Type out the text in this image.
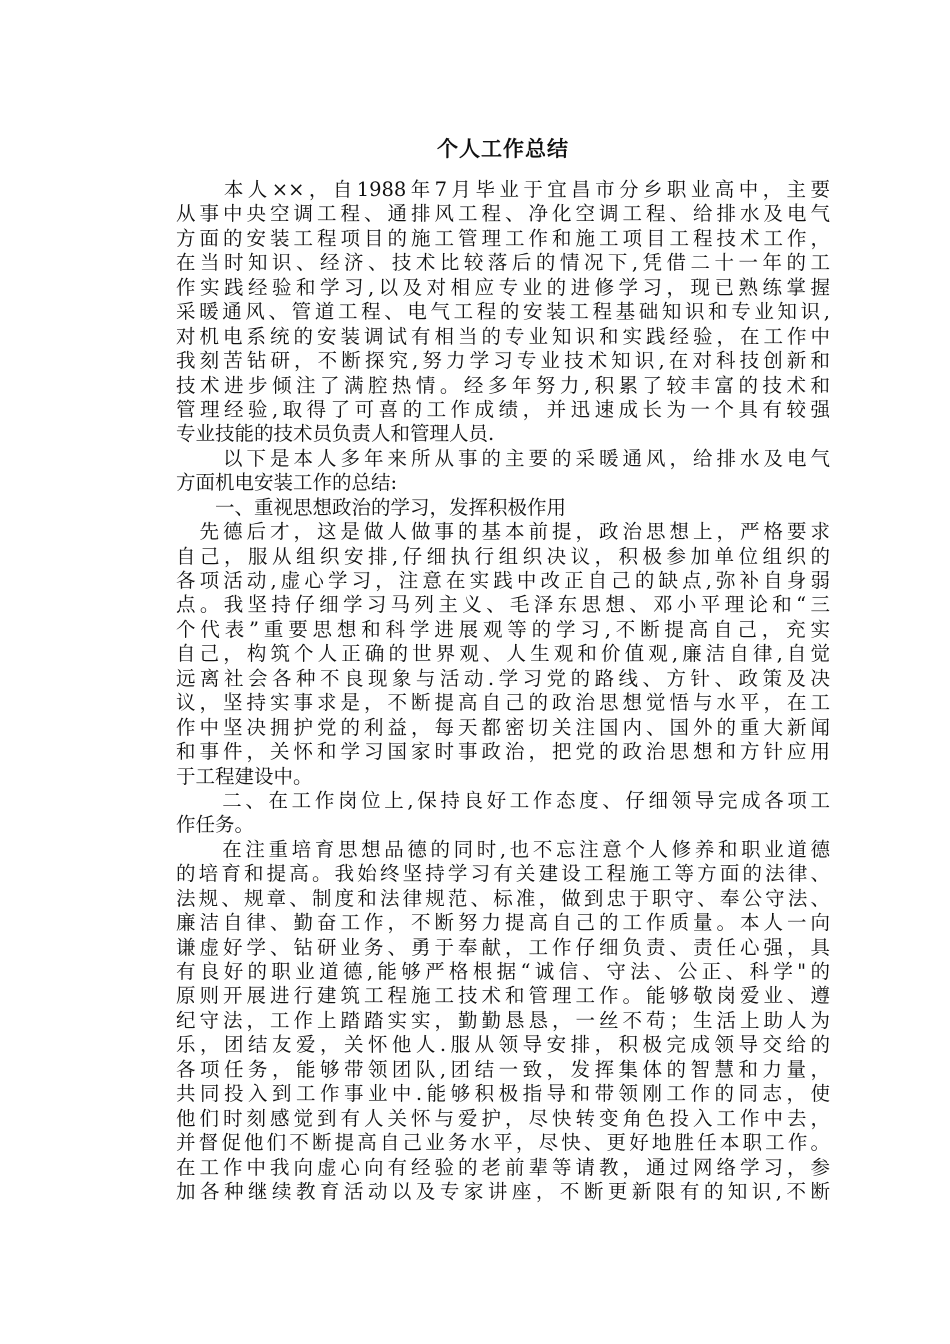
个人工作总结
　　本人××，自1988年7月毕业于宜昌市分乡职业高中，主要
从事中央空调工程、通排风工程、净化空调工程、给排水及电气
方面的安装工程项目的施工管理工作和施工项目工程技术工作，
在当时知识、经济、技术比较落后的情况下,凭借二十一年的工
作实践经验和学习,以及对相应专业的进修学习，现已熟练掌握
采暖通风、管道工程、电气工程的安装工程基础知识和专业知识,
对机电系统的安装调试有相当的专业知识和实践经验，在工作中
我刻苦钻研，不断探究,努力学习专业技术知识,在对科技创新和
技术进步倾注了满腔热情。经多年努力,积累了较丰富的技术和
管理经验,取得了可喜的工作成绩，并迅速成长为一个具有较强
专业技能的技术员负责人和管理人员.
　　以下是本人多年来所从事的主要的采暖通风，给排水及电气
方面机电安装工作的总结:
　　一、重视思想政治的学习，发挥积极作用
　先德后才，这是做人做事的基本前提，政治思想上，严格要求
自己，服从组织安排,仔细执行组织决议，积极参加单位组织的
各项活动,虚心学习，注意在实践中改正自己的缺点,弥补自身弱
点。我坚持仔细学习马列主义、毛泽东思想、邓小平理论和“三
个代表”重要思想和科学进展观等的学习,不断提高自己，充实
自己，构筑个人正确的世界观、人生观和价值观,廉洁自律,自觉
远离社会各种不良现象与活动.学习党的路线、方针、政策及决
议，坚持实事求是，不断提高自己的政治思想觉悟与水平，在工
作中坚决拥护党的利益，每天都密切关注国内、国外的重大新闻
和事件，关怀和学习国家时事政治，把党的政治思想和方针应用
于工程建设中。
　　二、在工作岗位上,保持良好工作态度、仔细领导完成各项工
作任务。
　　在注重培育思想品德的同时,也不忘注意个人修养和职业道德
的培育和提高。我始终坚持学习有关建设工程施工等方面的法律、
法规、规章、制度和法律规范、标准，做到忠于职守、奉公守法、
廉洁自律、勤奋工作，不断努力提高自己的工作质量。本人一向
谦虚好学、钻研业务、勇于奉献，工作仔细负责、责任心强，具
有良好的职业道德,能够严格根据“诚信、守法、公正、科学"的
原则开展进行建筑工程施工技术和管理工作。能够敬岗爱业、遵
纪守法，工作上踏踏实实，勤勤恳恳，一丝不苟；生活上助人为
乐，团结友爱，关怀他人.服从领导安排，积极完成领导交给的
各项任务，能够带领团队,团结一致，发挥集体的智慧和力量，
共同投入到工作事业中.能够积极指导和带领刚工作的同志，使
他们时刻感觉到有人关怀与爱护，尽快转变角色投入工作中去，
并督促他们不断提高自己业务水平，尽快、更好地胜任本职工作。
在工作中我向虚心向有经验的老前辈等请教，通过网络学习，参
加各种继续教育活动以及专家讲座，不断更新限有的知识,不断
